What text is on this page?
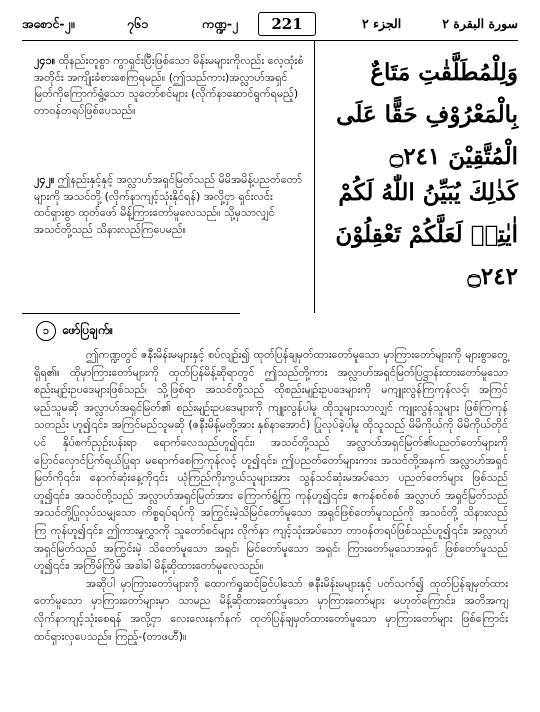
အစောင်-၂။	၇၆၁	ကဏ္ဍ-၂	221	الجزء ٢	سورة البقرة ٢
၂၄၁။ ထိုနည်းတူစွာ ကွာရှင်းပြီးဖြစ်သော မိန်းမများကိုလည်း လေ့ထုံးစံအတိုင်း အကျိုးခံစားစေကြရမည်။ (ဤသည်ကား)အလ္လာဟ်အရှင်မြတ်ကိုကြောက်ရွံ့သော သူတော်စင်များ (လိုက်နာဆောင်ရွက်ရမည့်) တာဝန်တရပ်ဖြစ်ပေသည်။
وَلِلْمُطَلَّقٰتِ مَتَاعٌ بِالْمَعْرُوْفِ حَقًّا عَلَى الْمُتَّقِيْنَ ۝٢٤١
၂၄၂။ ဤနည်းနှင့်နှင့် အလ္လာဟ်အရှင်မြတ်သည် မိမိအမိန့်ပညတ်တော်များကို အသင်တို့ (လိုက်နာကျင့်သုံးနိုင်ရန်) အလို့ငှာ ရှင်းလင်း ထင်ရှားစွာ ထုတ်ဖော် မိန့်ကြားတော်မူလေသည်။ သို့မှသာလျှင် အသင်တို့သည် သိနားလည်ကြပေမည်။
كَذٰلِكَ يُبَيِّنُ اللّٰهُ لَكُمْ اٰيٰتِهٖ لَعَلَّكُمْ تَعْقِلُوْنَ ۝٢٤٢
၁	ဖော်ပြချက်။

ဤကဏ္ဍတွင် ဇနီးမိန်းမများနှင့် စပ်လျဉ်း၍ ထုတ်ပြန်ချမှတ်ထားတော်မူသော မှာကြားတော်များကို များစွာတွေ့ရှိရ၏။ ထိုမှာကြားတော်များကို ထုတ်ပြန်မိန့်ဆိုရာတွင် ဤသည်တို့ကား အလ္လာဟ်အရှင်မြတ်ပြဋ္ဌာန်းထားတော်မူသော စည်းမျဉ်းဥပဒေများဖြစ်သည်၊ သို့ဖြစ်ရာ အသင်တို့သည် ထိုစည်းမျဉ်းဥပဒေများကို မကျူးလွန်ကြကုန်လင့်၊ အကြင်မည်သူမဆို အလ္လာဟ်အရှင်မြတ်၏ စည်းမျဉ်းဥပဒေများကို ကျူးလွန်ပါမူ ထိုသူများသာလျှင် ကျူးလွန်သူများ ဖြစ်ကြကုန်သတည်း ဟူ၍၎င်း၊ အကြင်မည်သူမဆို (ဇနီးမိန့်မတို့အား နှစ်နာအောင်) ပြုလုပ်ခဲ့ပါမူ ထိုသူသည် မိမိကိုယ်ကို မိမိကိုယ်တိုင်ပင် နှိပ်စက်ညှဉ်းပန်းရာ ရောက်လေသည်ဟူ၍၎င်း၊ အသင်တို့သည် အလ္လာဟ်အရှင်မြတ်၏ပညတ်တော်များကို ပြောင်လှောင်ပြက်ရယ်ပြုရာ မရောက်စေကြကုန်လင့် ဟူ၍၎င်း၊ ဤပညတ်တော်များကား အသင်တို့အနက် အလ္လာဟ်အရှင်မြတ်ကို၎င်း၊ နောက်ဆုံးနေ့ကို၎င်း ယုံကြည်ကိုးကွယ်သူများအား သွန်သင်ဆုံးမအပ်သော ပညတ်တော်များ ဖြစ်သည်ဟူ၍၎င်း၊ အသင်တို့သည် အလ္လာဟ်အရှင်မြတ်အား ကြောက်ရွံ့ကြ ကုန်ဟူ၍၎င်း၊ ဧကန်စင်စစ် အလ္လာဟ် အရှင်မြတ်သည် အသင်တို့ပြုလုပ်သမျှသော ကိစ္စရပ်ရပ်ကို အကြွင်းမဲ့သိမြင်တော်မူသော အရှင်ဖြစ်တော်မူသည်ကို အသင်တို့ သိနားလည်ကြ ကုန်ဟူ၍၎င်း၊ ဤကားမှုလွှာကို သူတော်စင်များ လိုက်နာ ကျင့်သုံးအပ်သော တာဝန်တရပ်ဖြစ်သည်ဟူ၍၎င်း၊ အလ္လာဟ်အရှင်မြတ်သည် အကြွင်းမဲ့ သိတော်မူသော အရှင်၊ မြင်တော်မူသော အရှင်၊ ကြားတော်မူသောအရှင် ဖြစ်တော်မူသည် ဟူ၍၎င်း၊ အကြိမ်ကြိမ် အခါခါ မိန့်ဆိုထားတော်မူလေသည်။

အဆိုပါ မှာကြားတော်များကို ထောက်ရှုဆင်ခြင်ပါသော် ဇနီးမိန်းမများနှင့် ပတ်သက်၍ ထုတ်ပြန်ချမှတ်ထားတော်မူသော မှာကြားတော်များမှာ သာမည မိန့်ဆိုထားတော်မူသော မှာကြားတော်များ မဟုတ်ကြောင်း၊ အတိအကျ လိုက်နာကျင့်သုံးစေရန် အလို့ငှာ လေးလေးနက်နက် ထုတ်ပြန်ချမှတ်ထားတော်မူသော မှာကြားတော်များ ဖြစ်ကြောင်း ထင်ရှားလှပေသည်။ ကြည့်-(တာဖဟီ)။
